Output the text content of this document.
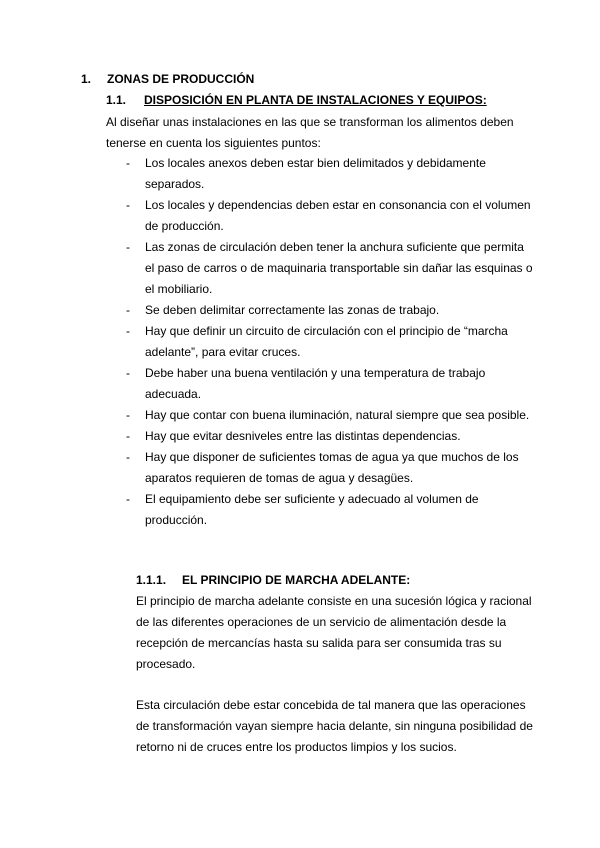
1. ZONAS DE PRODUCCIÓN
1.1. DISPOSICIÓN EN PLANTA DE INSTALACIONES Y EQUIPOS:

Al diseñar unas instalaciones en las que se transforman los alimentos deben tenerse en cuenta los siguientes puntos:

- Los locales anexos deben estar bien delimitados y debidamente separados.
- Los locales y dependencias deben estar en consonancia con el volumen de producción.
- Las zonas de circulación deben tener la anchura suficiente que permita el paso de carros o de maquinaria transportable sin dañar las esquinas o el mobiliario.
- Se deben delimitar correctamente las zonas de trabajo.
- Hay que definir un circuito de circulación con el principio de “marcha adelante”, para evitar cruces.
- Debe haber una buena ventilación y una temperatura de trabajo adecuada.
- Hay que contar con buena iluminación, natural siempre que sea posible.
- Hay que evitar desniveles entre las distintas dependencias.
- Hay que disponer de suficientes tomas de agua ya que muchos de los aparatos requieren de tomas de agua y desagües.
- El equipamiento debe ser suficiente y adecuado al volumen de producción.
1.1.1. EL PRINCIPIO DE MARCHA ADELANTE:

El principio de marcha adelante consiste en una sucesión lógica y racional de las diferentes operaciones de un servicio de alimentación desde la recepción de mercancías hasta su salida para ser consumida tras su procesado.

Esta circulación debe estar concebida de tal manera que las operaciones de transformación vayan siempre hacia delante, sin ninguna posibilidad de retorno ni de cruces entre los productos limpios y los sucios.
